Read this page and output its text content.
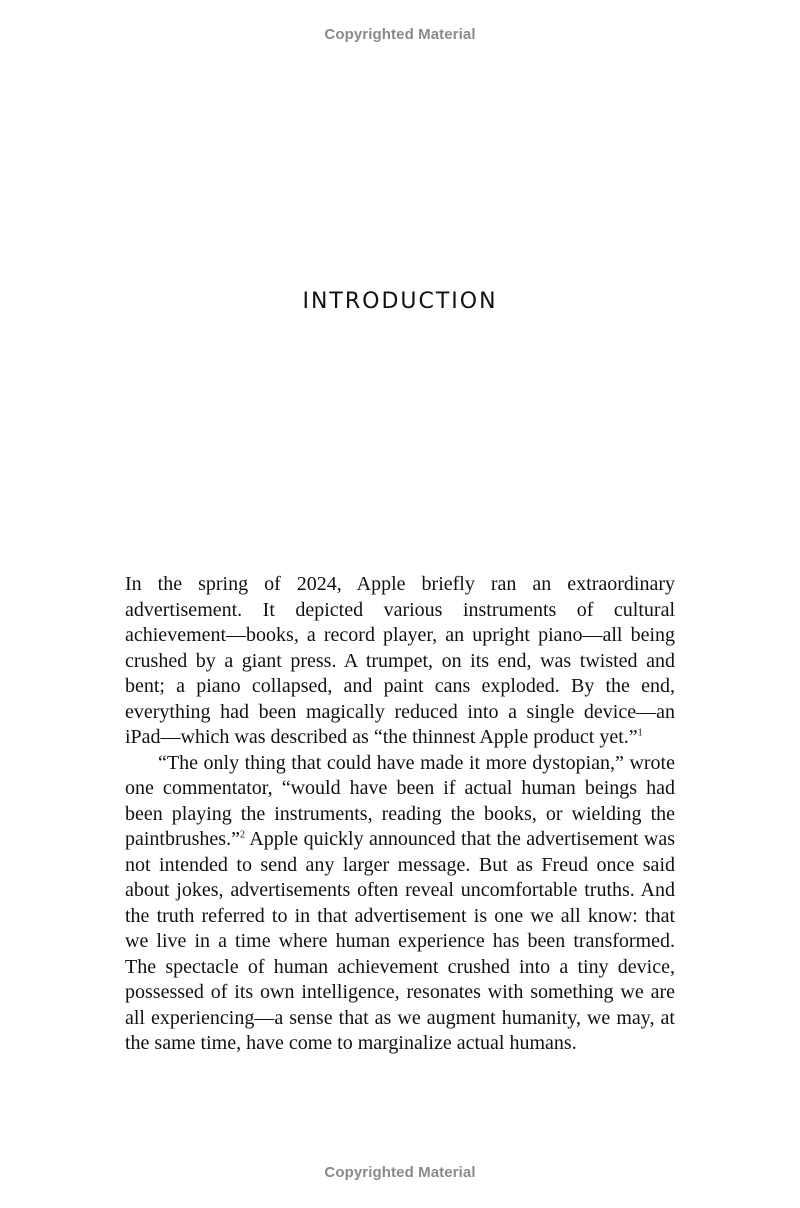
Copyrighted Material
INTRODUCTION

In the spring of 2024, Apple briefly ran an extraordinary advertisement. It depicted various instruments of cultural achievement—books, a record player, an upright piano—all being crushed by a giant press. A trumpet, on its end, was twisted and bent; a piano collapsed, and paint cans exploded. By the end, everything had been magically reduced into a single device—an iPad—which was described as “the thinnest Apple product yet.”$^1$

“The only thing that could have made it more dystopian,” wrote one commentator, “would have been if actual human beings had been playing the instruments, reading the books, or wielding the paintbrushes.”$^2$ Apple quickly announced that the advertisement was not intended to send any larger message. But as Freud once said about jokes, advertisements often reveal uncomfortable truths. And the truth referred to in that advertisement is one we all know: that we live in a time where human experience has been transformed. The spectacle of human achievement crushed into a tiny device, possessed of its own intelligence, resonates with something we are all experiencing—a sense that as we augment humanity, we may, at the same time, have come to marginalize actual humans.

Copyrighted Material
